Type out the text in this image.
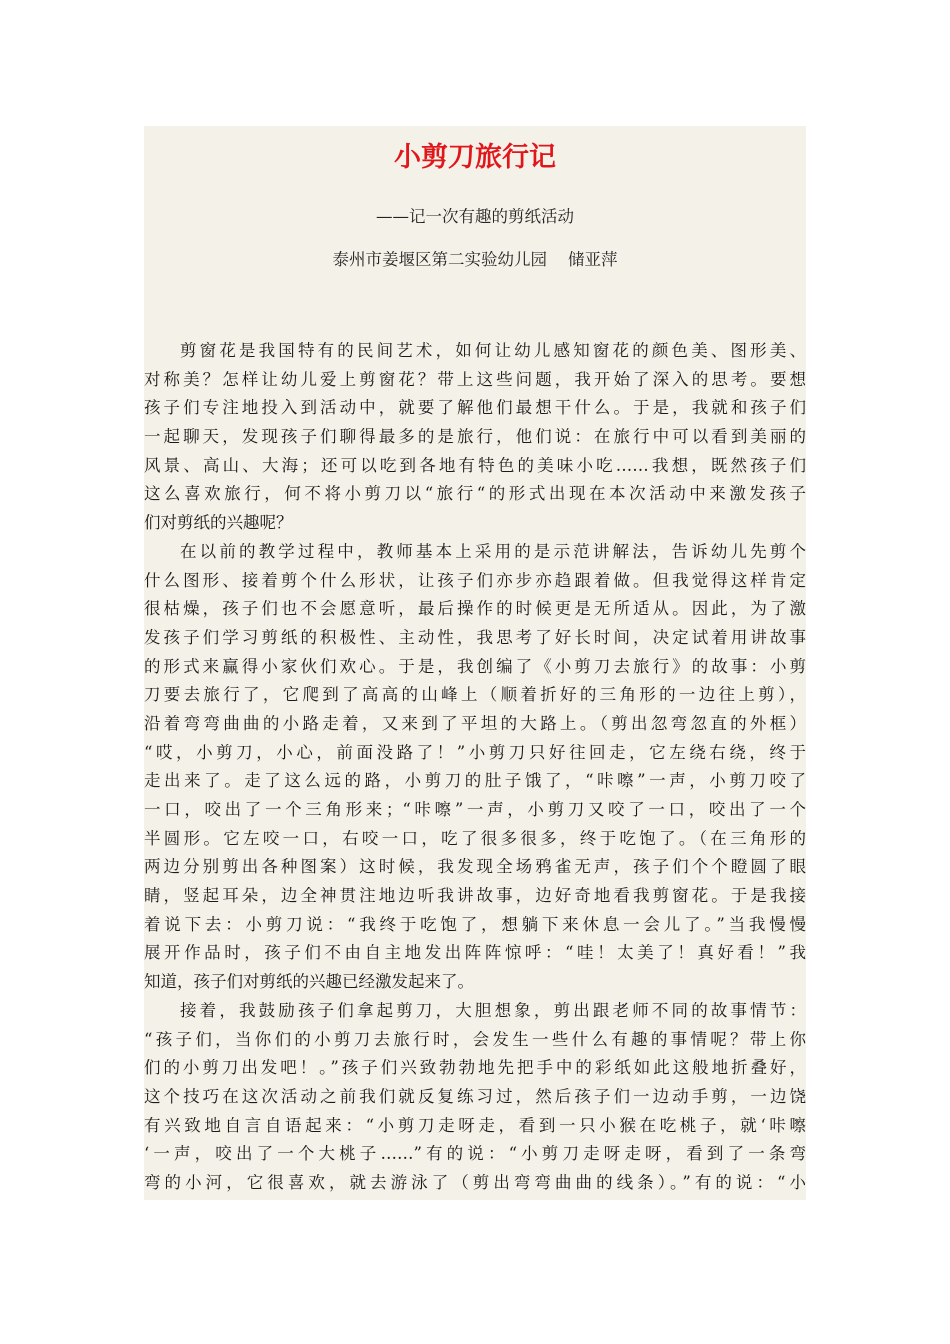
小剪刀旅行记
——记一次有趣的剪纸活动
泰州市姜堰区第二实验幼儿园    储亚萍
剪窗花是我国特有的民间艺术，如何让幼儿感知窗花的颜色美、图形美、
对称美？怎样让幼儿爱上剪窗花？带上这些问题，我开始了深入的思考。要想
孩子们专注地投入到活动中，就要了解他们最想干什么。于是，我就和孩子们
一起聊天，发现孩子们聊得最多的是旅行，他们说：在旅行中可以看到美丽的
风景、高山、大海；还可以吃到各地有特色的美味小吃……我想，既然孩子们
这么喜欢旅行，何不将小剪刀以“旅行“的形式出现在本次活动中来激发孩子
们对剪纸的兴趣呢？
在以前的教学过程中，教师基本上采用的是示范讲解法，告诉幼儿先剪个
什么图形、接着剪个什么形状，让孩子们亦步亦趋跟着做。但我觉得这样肯定
很枯燥，孩子们也不会愿意听，最后操作的时候更是无所适从。因此，为了激
发孩子们学习剪纸的积极性、主动性，我思考了好长时间，决定试着用讲故事
的形式来赢得小家伙们欢心。于是，我创编了《小剪刀去旅行》的故事：小剪
刀要去旅行了，它爬到了高高的山峰上（顺着折好的三角形的一边往上剪），
沿着弯弯曲曲的小路走着，又来到了平坦的大路上。（剪出忽弯忽直的外框）
“哎，小剪刀，小心，前面没路了！”小剪刀只好往回走，它左绕右绕，终于
走出来了。走了这么远的路，小剪刀的肚子饿了，“咔嚓”一声，小剪刀咬了
一口，咬出了一个三角形来；“咔嚓”一声，小剪刀又咬了一口，咬出了一个
半圆形。它左咬一口，右咬一口，吃了很多很多，终于吃饱了。（在三角形的
两边分别剪出各种图案）这时候，我发现全场鸦雀无声，孩子们个个瞪圆了眼
睛，竖起耳朵，边全神贯注地边听我讲故事，边好奇地看我剪窗花。于是我接
着说下去：小剪刀说：“我终于吃饱了，想躺下来休息一会儿了。”当我慢慢
展开作品时，孩子们不由自主地发出阵阵惊呼：“哇！太美了！真好看！”我
知道，孩子们对剪纸的兴趣已经激发起来了。
接着，我鼓励孩子们拿起剪刀，大胆想象，剪出跟老师不同的故事情节：
“孩子们，当你们的小剪刀去旅行时，会发生一些什么有趣的事情呢？带上你
们的小剪刀出发吧！。”孩子们兴致勃勃地先把手中的彩纸如此这般地折叠好，
这个技巧在这次活动之前我们就反复练习过，然后孩子们一边动手剪，一边饶
有兴致地自言自语起来：“小剪刀走呀走，看到一只小猴在吃桃子，就‘咔嚓
‘一声，咬出了一个大桃子……”有的说：“小剪刀走呀走呀，看到了一条弯
弯的小河，它很喜欢，就去游泳了（剪出弯弯曲曲的线条）。”有的说：“小
